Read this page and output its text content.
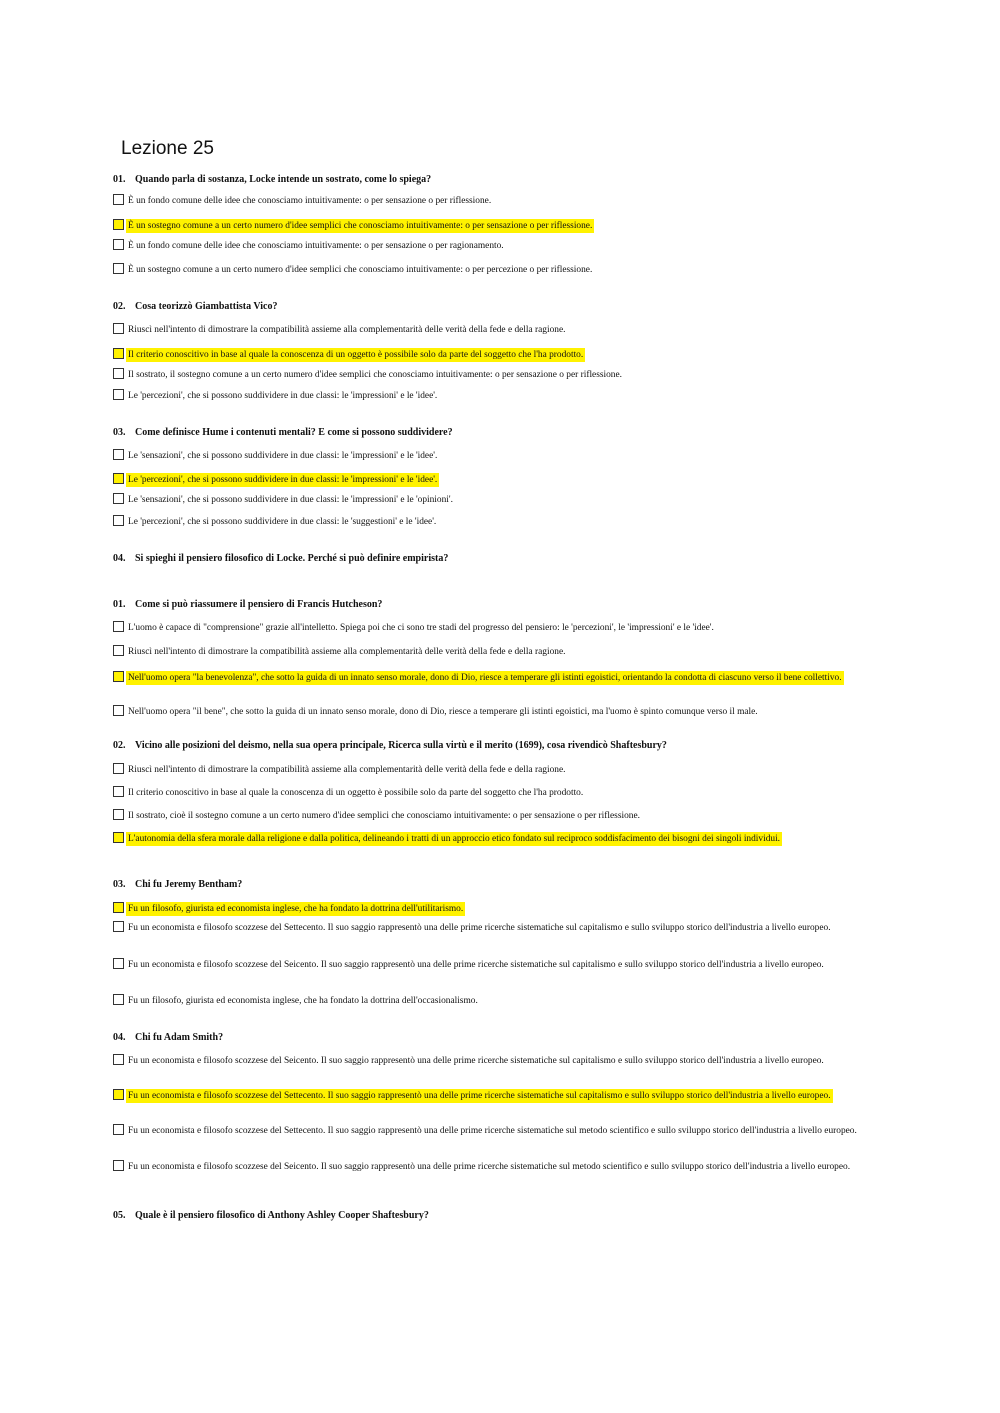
Lezione 25
01. Quando parla di sostanza, Locke intende un sostrato, come lo spiega?
È un fondo comune delle idee che conosciamo intuitivamente: o per sensazione o per riflessione.
È un sostegno comune a un certo numero d'idee semplici che conosciamo intuitivamente: o per sensazione o per riflessione.
È un fondo comune delle idee che conosciamo intuitivamente: o per sensazione o per ragionamento.
È un sostegno comune a un certo numero d'idee semplici che conosciamo intuitivamente: o per percezione o per riflessione.
02. Cosa teorizzò Giambattista Vico?
Riuscì nell'intento di dimostrare la compatibilità assieme alla complementarità delle verità della fede e della ragione.
Il criterio conoscitivo in base al quale la conoscenza di un oggetto è possibile solo da parte del soggetto che l'ha prodotto.
Il sostrato, il sostegno comune a un certo numero d'idee semplici che conosciamo intuitivamente: o per sensazione o per riflessione.
Le 'percezioni', che si possono suddividere in due classi: le 'impressioni' e le 'idee'.
03. Come definisce Hume i contenuti mentali? E come si possono suddividere?
Le 'sensazioni', che si possono suddividere in due classi: le 'impressioni' e le 'idee'.
Le 'percezioni', che si possono suddividere in due classi: le 'impressioni' e le 'idee'.
Le 'sensazioni', che si possono suddividere in due classi: le 'impressioni' e le 'opinioni'.
Le 'percezioni', che si possono suddividere in due classi: le 'suggestioni' e le 'idee'.
04. Si spieghi il pensiero filosofico di Locke. Perché si può definire empirista?
01. Come si può riassumere il pensiero di Francis Hutcheson?
L'uomo è capace di "comprensione" grazie all'intelletto. Spiega poi che ci sono tre stadi del progresso del pensiero: le 'percezioni', le 'impressioni' e le 'idee'.
Riuscì nell'intento di dimostrare la compatibilità assieme alla complementarità delle verità della fede e della ragione.
Nell'uomo opera "la benevolenza", che sotto la guida di un innato senso morale, dono di Dio, riesce a temperare gli istinti egoistici, orientando la condotta di ciascuno verso il bene collettivo.
Nell'uomo opera "il bene", che sotto la guida di un innato senso morale, dono di Dio, riesce a temperare gli istinti egoistici, ma l'uomo è spinto comunque verso il male.
02. Vicino alle posizioni del deismo, nella sua opera principale, Ricerca sulla virtù e il merito (1699), cosa rivendicò Shaftesbury?
Riuscì nell'intento di dimostrare la compatibilità assieme alla complementarità delle verità della fede e della ragione.
Il criterio conoscitivo in base al quale la conoscenza di un oggetto è possibile solo da parte del soggetto che l'ha prodotto.
Il sostrato, cioè il sostegno comune a un certo numero d'idee semplici che conosciamo intuitivamente: o per sensazione o per riflessione.
L'autonomia della sfera morale dalla religione e dalla politica, delineando i tratti di un approccio etico fondato sul reciproco soddisfacimento dei bisogni dei singoli individui.
03. Chi fu Jeremy Bentham?
Fu un filosofo, giurista ed economista inglese, che ha fondato la dottrina dell'utilitarismo.
Fu un economista e filosofo scozzese del Settecento. Il suo saggio rappresentò una delle prime ricerche sistematiche sul capitalismo e sullo sviluppo storico dell'industria a livello europeo.
Fu un economista e filosofo scozzese del Seicento. Il suo saggio rappresentò una delle prime ricerche sistematiche sul capitalismo e sullo sviluppo storico dell'industria a livello europeo.
Fu un filosofo, giurista ed economista inglese, che ha fondato la dottrina dell'occasionalismo.
04. Chi fu Adam Smith?
Fu un economista e filosofo scozzese del Seicento. Il suo saggio rappresentò una delle prime ricerche sistematiche sul capitalismo e sullo sviluppo storico dell'industria a livello europeo.
Fu un economista e filosofo scozzese del Settecento. Il suo saggio rappresentò una delle prime ricerche sistematiche sul capitalismo e sullo sviluppo storico dell'industria a livello europeo.
Fu un economista e filosofo scozzese del Settecento. Il suo saggio rappresentò una delle prime ricerche sistematiche sul metodo scientifico e sullo sviluppo storico dell'industria a livello europeo.
Fu un economista e filosofo scozzese del Seicento. Il suo saggio rappresentò una delle prime ricerche sistematiche sul metodo scientifico e sullo sviluppo storico dell'industria a livello europeo.
05. Quale è il pensiero filosofico di Anthony Ashley Cooper Shaftesbury?
